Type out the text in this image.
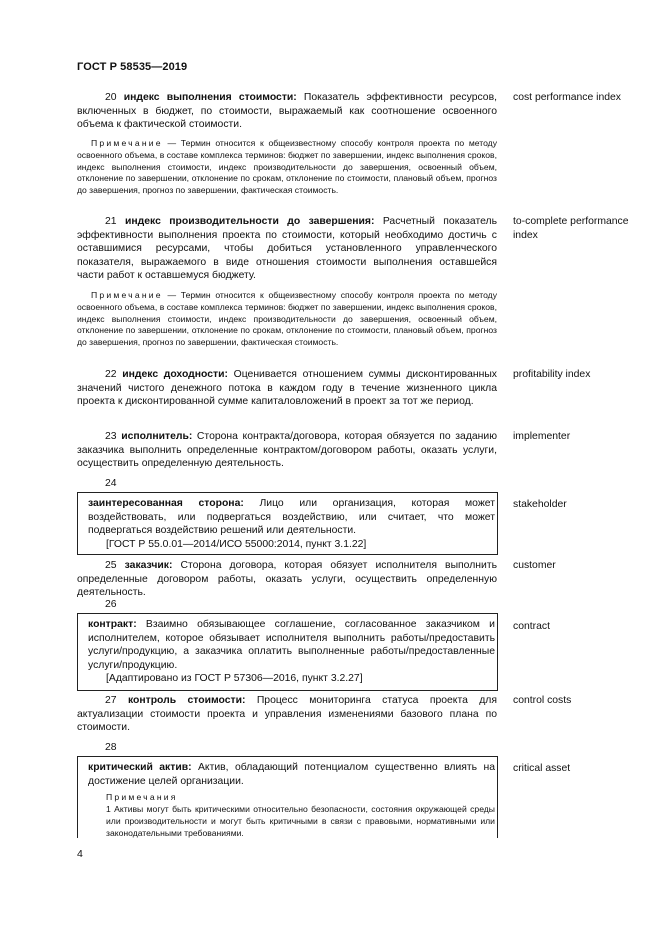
ГОСТ Р 58535—2019
20 индекс выполнения стоимости: Показатель эффективности ресурсов, включенных в бюджет, по стоимости, выражаемый как соотношение освоенного объема к фактической стоимости.
cost performance index
Примечание — Термин относится к общеизвестному способу контроля проекта по методу освоенного объема, в составе комплекса терминов: бюджет по завершении, индекс выполнения сроков, индекс выполнения стоимости, индекс производительности до завершения, освоенный объем, отклонение по завершении, отклонение по срокам, отклонение по стоимости, плановый объем, прогноз до завершения, прогноз по завершении, фактическая стоимость.
21 индекс производительности до завершения: Расчетный показатель эффективности выполнения проекта по стоимости, который необходимо достичь с оставшимися ресурсами, чтобы добиться установленного управленческого показателя, выражаемого в виде отношения стоимости выполнения оставшейся части работ к оставшемуся бюджету.
to-complete performance index
Примечание — Термин относится к общеизвестному способу контроля проекта по методу освоенного объема, в составе комплекса терминов: бюджет по завершении, индекс выполнения сроков, индекс выполнения стоимости, индекс производительности до завершения, освоенный объем, отклонение по завершении, отклонение по срокам, отклонение по стоимости, плановый объем, прогноз до завершения, прогноз по завершении, фактическая стоимость.
22 индекс доходности: Оценивается отношением суммы дисконтированных значений чистого денежного потока в каждом году в течение жизненного цикла проекта к дисконтированной сумме капиталовложений в проект за тот же период.
profitability index
23 исполнитель: Сторона контракта/договора, которая обязуется по заданию заказчика выполнить определенные контрактом/договором работы, оказать услуги, осуществить определенную деятельность.
implementer
24
заинтересованная сторона: Лицо или организация, которая может воздействовать, или подвергаться воздействию, или считает, что может подвергаться воздействию решений или деятельности.
[ГОСТ Р 55.0.01—2014/ИСО 55000:2014, пункт 3.1.22]
stakeholder
25 заказчик: Сторона договора, которая обязует исполнителя выполнить определенные договором работы, оказать услуги, осуществить определенную деятельность.
customer
26
контракт: Взаимно обязывающее соглашение, согласованное заказчиком и исполнителем, которое обязывает исполнителя выполнить работы/предоставить услуги/продукцию, а заказчика оплатить выполненные работы/предоставленные услуги/продукцию.
[Адаптировано из ГОСТ Р 57306—2016, пункт 3.2.27]
contract
27 контроль стоимости: Процесс мониторинга статуса проекта для актуализации стоимости проекта и управления изменениями базового плана по стоимости.
control costs
28
критический актив: Актив, обладающий потенциалом существенно влиять на достижение целей организации.
Примечания
1 Активы могут быть критическими относительно безопасности, состояния окружающей среды или производительности и могут быть критичными в связи с правовыми, нормативными или законодательными требованиями.
critical asset
4
